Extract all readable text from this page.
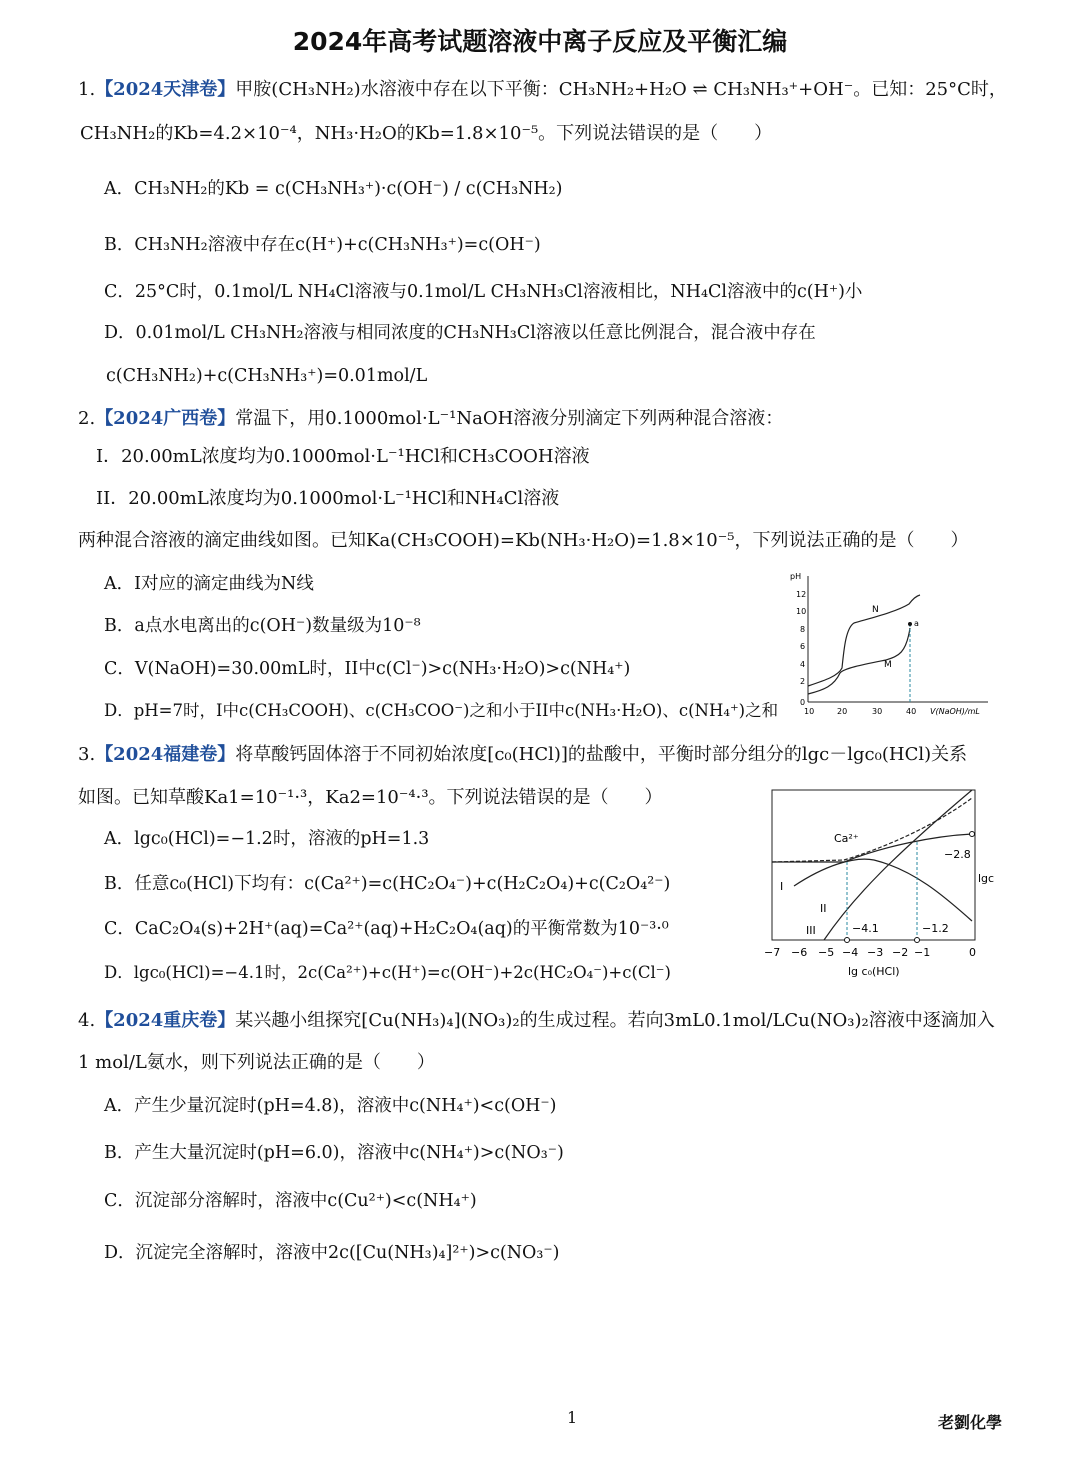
2024年高考试题溶液中离子反应及平衡汇编
1.【2024天津卷】甲胺(CH₃NH₂)水溶液中存在以下平衡：CH₃NH₂+H₂O ⇌ CH₃NH₃⁺+OH⁻。已知：25°C时，
CH₃NH₂的Kb=4.2×10⁻⁴，NH₃·H₂O的Kb=1.8×10⁻⁵。下列说法错误的是（　　）
A．CH₃NH₂的Kb = c(CH₃NH₃⁺)·c(OH⁻) / c(CH₃NH₂)
B．CH₃NH₂溶液中存在c(H⁺)+c(CH₃NH₃⁺)=c(OH⁻)
C．25°C时，0.1mol/L NH₄Cl溶液与0.1mol/L CH₃NH₃Cl溶液相比，NH₄Cl溶液中的c(H⁺)小
D．0.01mol/L CH₃NH₂溶液与相同浓度的CH₃NH₃Cl溶液以任意比例混合，混合液中存在
c(CH₃NH₂)+c(CH₃NH₃⁺)=0.01mol/L
2.【2024广西卷】常温下，用0.1000mol·L⁻¹NaOH溶液分别滴定下列两种混合溶液：
I．20.00mL浓度均为0.1000mol·L⁻¹HCl和CH₃COOH溶液
II．20.00mL浓度均为0.1000mol·L⁻¹HCl和NH₄Cl溶液
两种混合溶液的滴定曲线如图。已知Ka(CH₃COOH)=Kb(NH₃·H₂O)=1.8×10⁻⁵，下列说法正确的是（　　）
A．I对应的滴定曲线为N线
B．a点水电离出的c(OH⁻)数量级为10⁻⁸
C．V(NaOH)=30.00mL时，II中c(Cl⁻)>c(NH₃·H₂O)>c(NH₄⁺)
D．pH=7时，I中c(CH₃COOH)、c(CH₃COO⁻)之和小于II中c(NH₃·H₂O)、c(NH₄⁺)之和
pH
12
10
8
6
4
2
0
10	20	30	40 V(NaOH)/mL
a
N
M
3.【2024福建卷】将草酸钙固体溶于不同初始浓度[c₀(HCl)]的盐酸中，平衡时部分组分的lgc－lgc₀(HCl)关系
如图。已知草酸Ka1=10⁻¹·³，Ka2=10⁻⁴·³。下列说法错误的是（　　）
A．lgc₀(HCl)=−1.2时，溶液的pH=1.3
B．任意c₀(HCl)下均有：c(Ca²⁺)=c(HC₂O₄⁻)+c(H₂C₂O₄)+c(C₂O₄²⁻)
C．CaC₂O₄(s)+2H⁺(aq)=Ca²⁺(aq)+H₂C₂O₄(aq)的平衡常数为10⁻³·⁰
D．lgc₀(HCl)=−4.1时，2c(Ca²⁺)+c(H⁺)=c(OH⁻)+2c(HC₂O₄⁻)+c(Cl⁻)
Ca²⁺
I
II
III	−4.1	−1.2
−2.8
lgc
−7 −6 −5 −4 −3 −2 −1	0
lg c₀(HCl)
4.【2024重庆卷】某兴趣小组探究[Cu(NH₃)₄](NO₃)₂的生成过程。若向3mL0.1mol/LCu(NO₃)₂溶液中逐滴加入
1 mol/L氨水，则下列说法正确的是（　　）
A．产生少量沉淀时(pH=4.8)，溶液中c(NH₄⁺)<c(OH⁻)
B．产生大量沉淀时(pH=6.0)，溶液中c(NH₄⁺)>c(NO₃⁻)
C．沉淀部分溶解时，溶液中c(Cu²⁺)<c(NH₄⁺)
D．沉淀完全溶解时，溶液中2c([Cu(NH₃)₄]²⁺)>c(NO₃⁻)
1	老劉化學
